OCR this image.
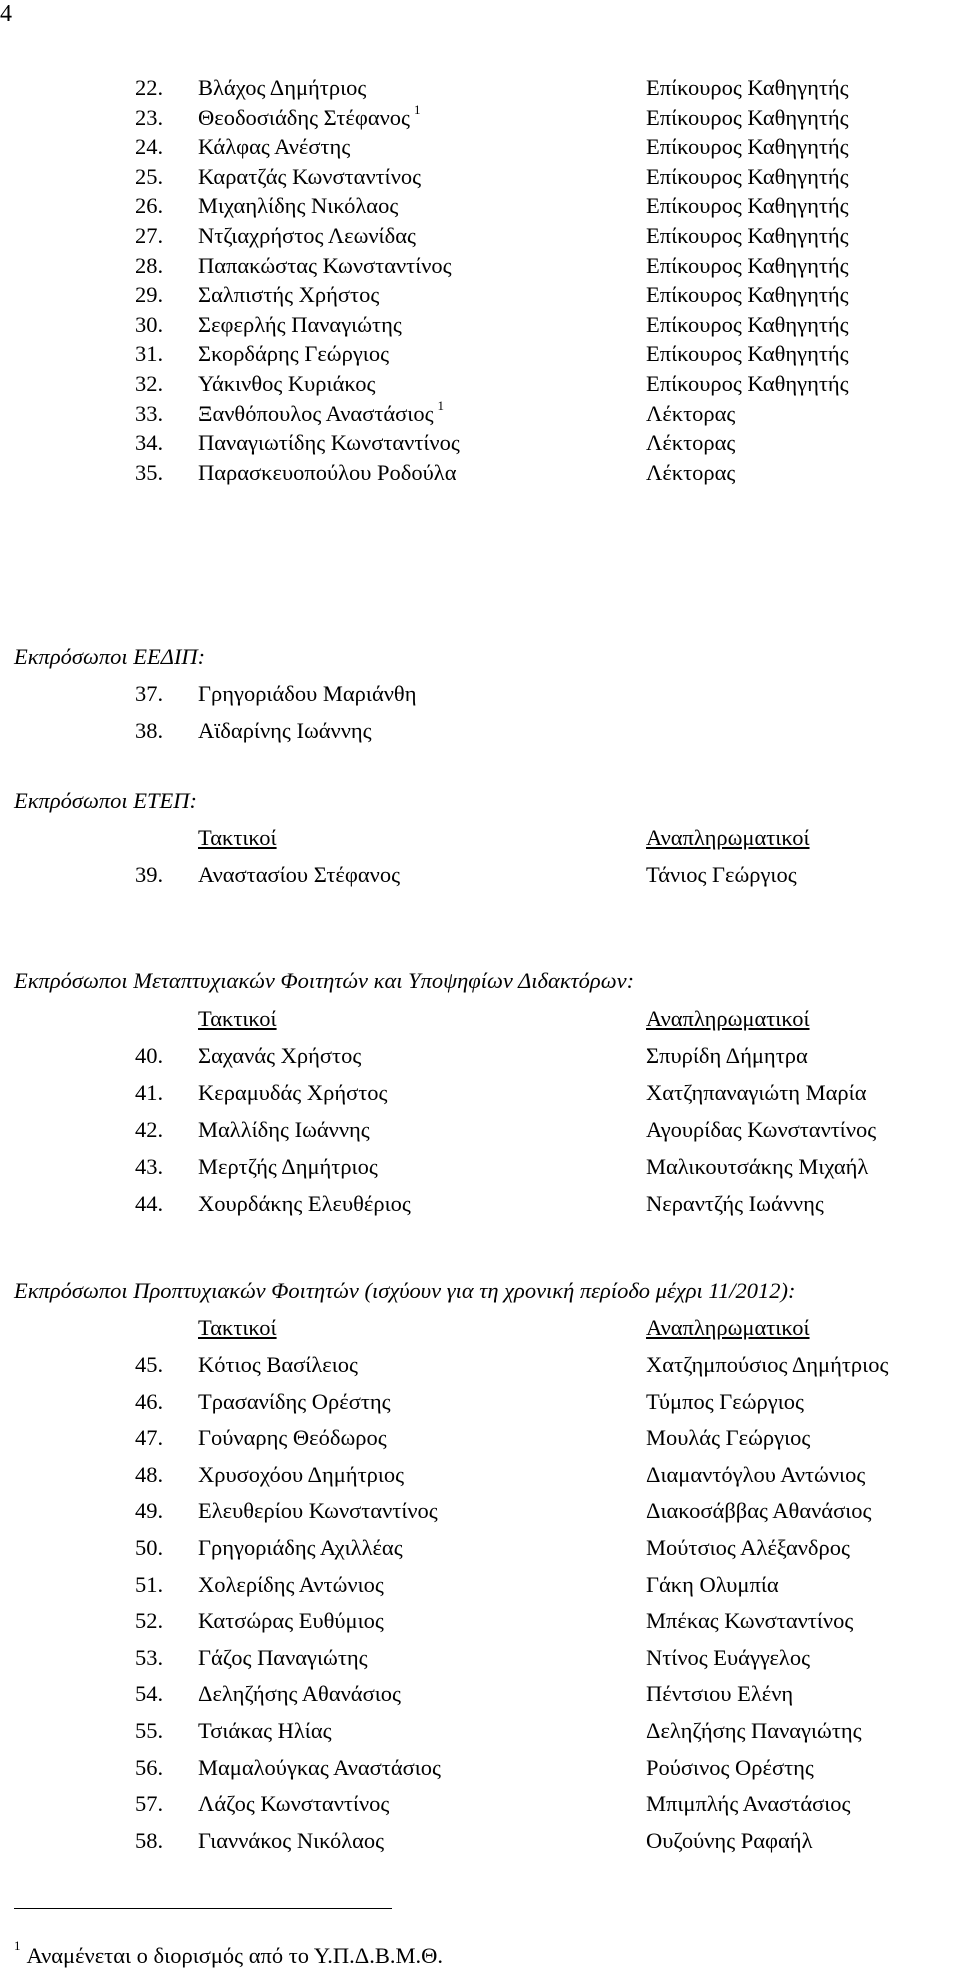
4
22. Βλάχος Δημήτριος	Επίκουρος Καθηγητής
23. Θεοδοσιάδης Στέφανος $^1$	Επίκουρος Καθηγητής
24. Κάλφας Ανέστης	Επίκουρος Καθηγητής
25. Καρατζάς Κωνσταντίνος	Επίκουρος Καθηγητής
26. Μιχαηλίδης Νικόλαος	Επίκουρος Καθηγητής
27. Ντζιαχρήστος Λεωνίδας	Επίκουρος Καθηγητής
28. Παπακώστας Κωνσταντίνος	Επίκουρος Καθηγητής
29. Σαλπιστής Χρήστος	Επίκουρος Καθηγητής
30. Σεφερλής Παναγιώτης	Επίκουρος Καθηγητής
31. Σκορδάρης Γεώργιος	Επίκουρος Καθηγητής
32. Υάκινθος Κυριάκος	Επίκουρος Καθηγητής
33. Ξανθόπουλος Αναστάσιος $^1$	Λέκτορας
34. Παναγιωτίδης Κωνσταντίνος	Λέκτορας
35. Παρασκευοπούλου Ροδούλα	Λέκτορας
Εκπρόσωποι ΕΕΔΙΠ:
37. Γρηγοριάδου Μαριάνθη
38. Αϊδαρίνης Ιωάννης
Εκπρόσωποι ΕΤΕΠ:
Τακτικοί	Αναπληρωματικοί
39. Αναστασίου Στέφανος	Τάνιος Γεώργιος
Εκπρόσωποι Μεταπτυχιακών Φοιτητών και Υποψηφίων Διδακτόρων:
Τακτικοί	Αναπληρωματικοί
40. Σαχανάς Χρήστος	Σπυρίδη Δήμητρα
41. Κεραμυδάς Χρήστος	Χατζηπαναγιώτη Μαρία
42. Μαλλίδης Ιωάννης	Αγουρίδας Κωνσταντίνος
43. Μερτζής Δημήτριος	Μαλικουτσάκης Μιχαήλ
44. Χουρδάκης Ελευθέριος	Νεραντζής Ιωάννης
Εκπρόσωποι Προπτυχιακών Φοιτητών (ισχύουν για τη χρονική περίοδο μέχρι 11/2012):
Τακτικοί	Αναπληρωματικοί
45. Κότιος Βασίλειος	Χατζημπούσιος Δημήτριος
46. Τρασανίδης Ορέστης	Τύμπος Γεώργιος
47. Γούναρης Θεόδωρος	Μουλάς Γεώργιος
48. Χρυσοχόου Δημήτριος	Διαμαντόγλου Αντώνιος
49. Ελευθερίου Κωνσταντίνος	Διακοσάββας Αθανάσιος
50. Γρηγοριάδης Αχιλλέας	Μούτσιος Αλέξανδρος
51. Χολερίδης Αντώνιος	Γάκη Ολυμπία
52. Κατσώρας Ευθύμιος	Μπέκας Κωνσταντίνος
53. Γάζος Παναγιώτης	Ντίνος Ευάγγελος
54. Δεληζήσης Αθανάσιος	Πέντσιου Ελένη
55. Τσιάκας Ηλίας	Δεληζήσης Παναγιώτης
56. Μαμαλούγκας Αναστάσιος	Ρούσινος Ορέστης
57. Λάζος Κωνσταντίνος	Μπιμπλής Αναστάσιος
58. Γιαννάκος Νικόλαος	Ουζούνης Ραφαήλ
$^1$ Αναμένεται ο διορισμός από το Υ.Π.Δ.Β.Μ.Θ.
